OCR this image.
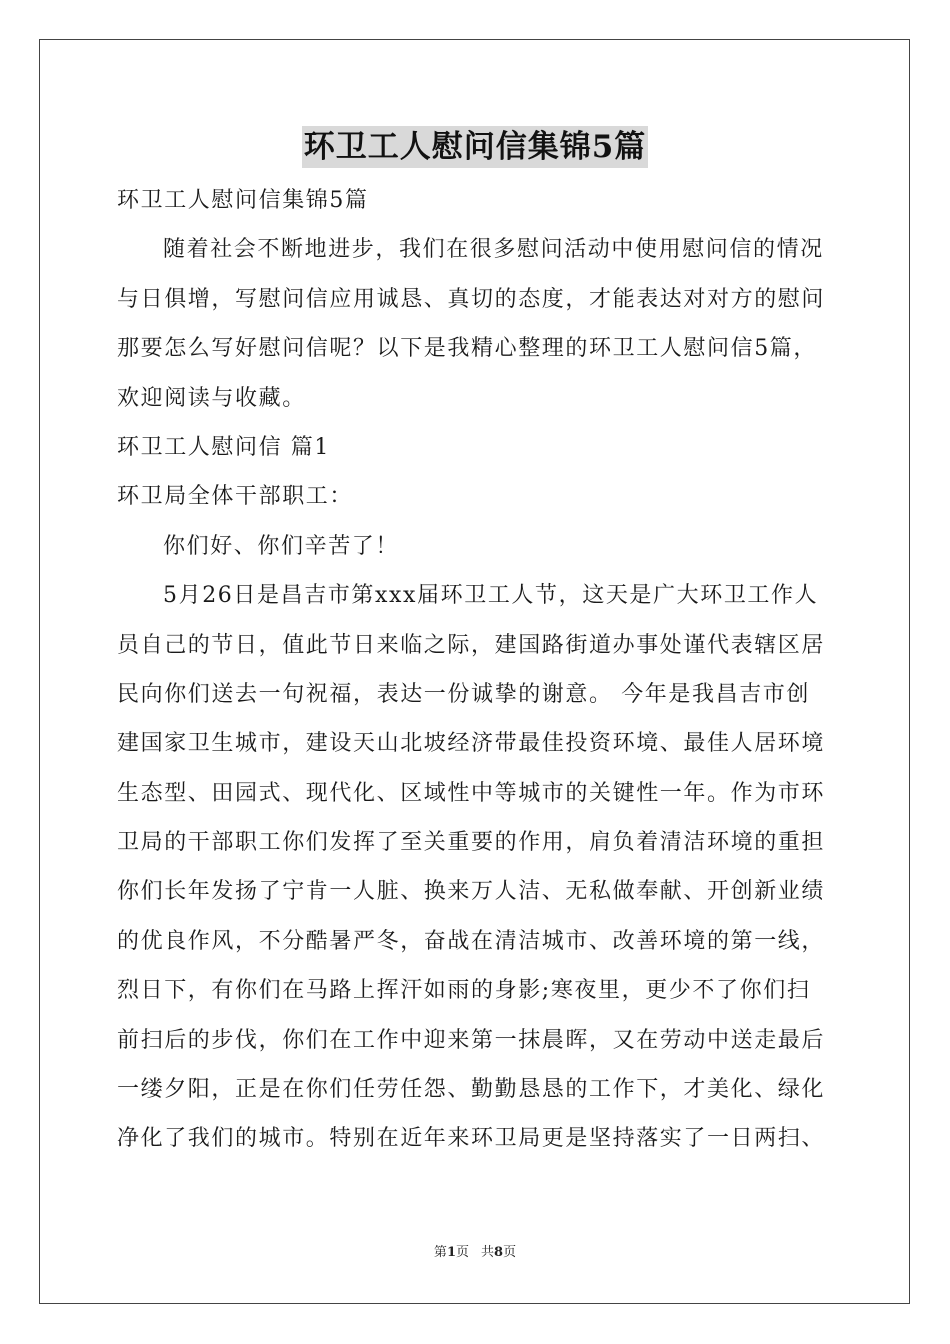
环卫工人慰问信集锦5篇
环卫工人慰问信集锦5篇
随着社会不断地进步，我们在很多慰问活动中使用慰问信的情况
与日俱增，写慰问信应用诚恳、真切的态度，才能表达对对方的慰问
那要怎么写好慰问信呢？以下是我精心整理的环卫工人慰问信5篇，
欢迎阅读与收藏。
环卫工人慰问信 篇1
环卫局全体干部职工：
你们好、你们辛苦了！
5月26日是昌吉市第xxx届环卫工人节，这天是广大环卫工作人
员自己的节日，值此节日来临之际，建国路街道办事处谨代表辖区居
民向你们送去一句祝福，表达一份诚挚的谢意。 今年是我昌吉市创
建国家卫生城市，建设天山北坡经济带最佳投资环境、最佳人居环境
生态型、田园式、现代化、区域性中等城市的关键性一年。作为市环
卫局的干部职工你们发挥了至关重要的作用，肩负着清洁环境的重担
你们长年发扬了宁肯一人脏、换来万人洁、无私做奉献、开创新业绩
的优良作风，不分酷暑严冬，奋战在清洁城市、改善环境的第一线，
烈日下，有你们在马路上挥汗如雨的身影;寒夜里，更少不了你们扫
前扫后的步伐，你们在工作中迎来第一抹晨晖，又在劳动中送走最后
一缕夕阳，正是在你们任劳任怨、勤勤恳恳的工作下，才美化、绿化
净化了我们的城市。特别在近年来环卫局更是坚持落实了一日两扫、
第1页 共8页
